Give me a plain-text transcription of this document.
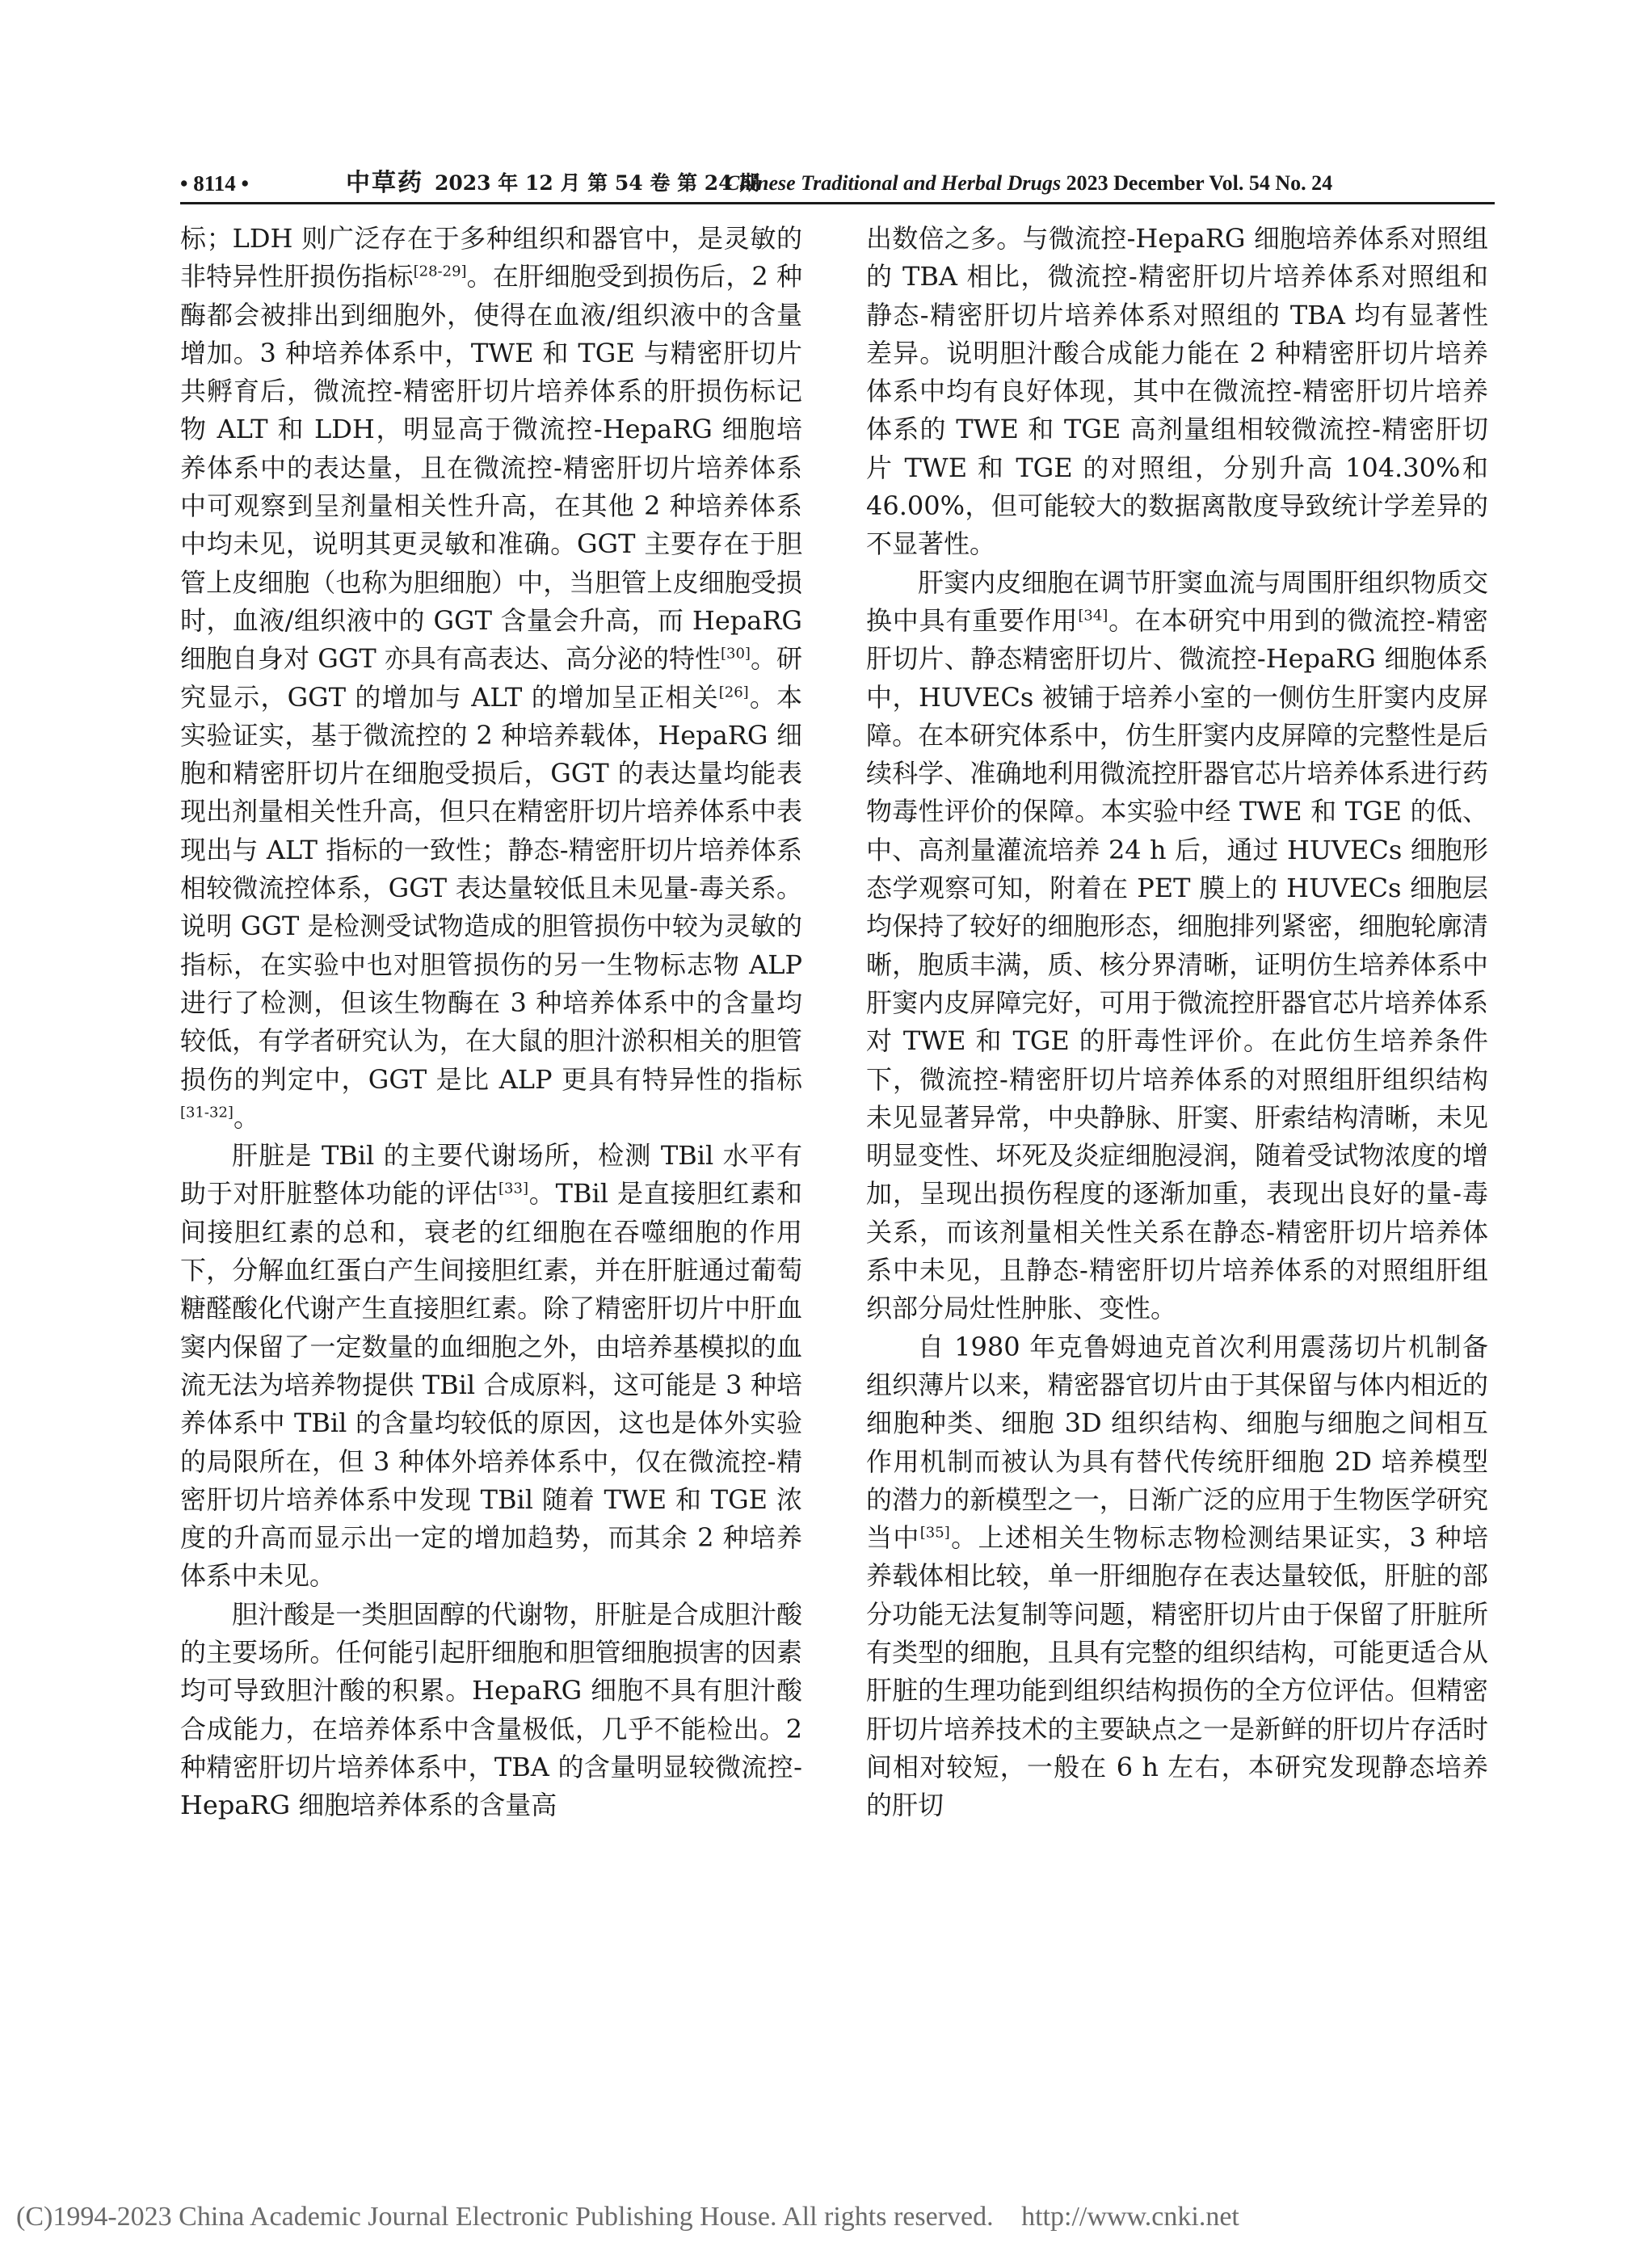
• 8114 •	中草药 2023 年 12 月 第 54 卷 第 24 期
Chinese Traditional and Herbal Drugs 2023 December Vol. 54 No. 24

标；LDH 则广泛存在于多种组织和器官中，是灵敏的非特异性肝损伤指标[28-29]。在肝细胞受到损伤后，2 种酶都会被排出到细胞外，使得在血液/组织液中的含量增加。3 种培养体系中，TWE 和 TGE 与精密肝切片共孵育后，微流控-精密肝切片培养体系的肝损伤标记物 ALT 和 LDH，明显高于微流控-HepaRG 细胞培养体系中的表达量，且在微流控-精密肝切片培养体系中可观察到呈剂量相关性升高，在其他 2 种培养体系中均未见，说明其更灵敏和准确。GGT 主要存在于胆管上皮细胞（也称为胆细胞）中，当胆管上皮细胞受损时，血液/组织液中的 GGT 含量会升高，而 HepaRG 细胞自身对 GGT 亦具有高表达、高分泌的特性[30]。研究显示，GGT 的增加与 ALT 的增加呈正相关[26]。本实验证实，基于微流控的 2 种培养载体，HepaRG 细胞和精密肝切片在细胞受损后，GGT 的表达量均能表现出剂量相关性升高，但只在精密肝切片培养体系中表现出与 ALT 指标的一致性；静态-精密肝切片培养体系相较微流控体系，GGT 表达量较低且未见量-毒关系。说明 GGT 是检测受试物造成的胆管损伤中较为灵敏的指标，在实验中也对胆管损伤的另一生物标志物 ALP 进行了检测，但该生物酶在 3 种培养体系中的含量均较低，有学者研究认为，在大鼠的胆汁淤积相关的胆管损伤的判定中，GGT 是比 ALP 更具有特异性的指标[31-32]。

肝脏是 TBil 的主要代谢场所，检测 TBil 水平有助于对肝脏整体功能的评估[33]。TBil 是直接胆红素和间接胆红素的总和，衰老的红细胞在吞噬细胞的作用下，分解血红蛋白产生间接胆红素，并在肝脏通过葡萄糖醛酸化代谢产生直接胆红素。除了精密肝切片中肝血窦内保留了一定数量的血细胞之外，由培养基模拟的血流无法为培养物提供 TBil 合成原料，这可能是 3 种培养体系中 TBil 的含量均较低的原因，这也是体外实验的局限所在，但 3 种体外培养体系中，仅在微流控-精密肝切片培养体系中发现 TBil 随着 TWE 和 TGE 浓度的升高而显示出一定的增加趋势，而其余 2 种培养体系中未见。

胆汁酸是一类胆固醇的代谢物，肝脏是合成胆汁酸的主要场所。任何能引起肝细胞和胆管细胞损害的因素均可导致胆汁酸的积累。HepaRG 细胞不具有胆汁酸合成能力，在培养体系中含量极低，几乎不能检出。2 种精密肝切片培养体系中，TBA 的含量明显较微流控-HepaRG 细胞培养体系的含量高

出数倍之多。与微流控-HepaRG 细胞培养体系对照组的 TBA 相比，微流控-精密肝切片培养体系对照组和静态-精密肝切片培养体系对照组的 TBA 均有显著性差异。说明胆汁酸合成能力能在 2 种精密肝切片培养体系中均有良好体现，其中在微流控-精密肝切片培养体系的 TWE 和 TGE 高剂量组相较微流控-精密肝切片 TWE 和 TGE 的对照组，分别升高 104.30%和 46.00%，但可能较大的数据离散度导致统计学差异的不显著性。

肝窦内皮细胞在调节肝窦血流与周围肝组织物质交换中具有重要作用[34]。在本研究中用到的微流控-精密肝切片、静态精密肝切片、微流控-HepaRG 细胞体系中，HUVECs 被铺于培养小室的一侧仿生肝窦内皮屏障。在本研究体系中，仿生肝窦内皮屏障的完整性是后续科学、准确地利用微流控肝器官芯片培养体系进行药物毒性评价的保障。本实验中经 TWE 和 TGE 的低、中、高剂量灌流培养 24 h 后，通过 HUVECs 细胞形态学观察可知，附着在 PET 膜上的 HUVECs 细胞层均保持了较好的细胞形态，细胞排列紧密，细胞轮廓清晰，胞质丰满，质、核分界清晰，证明仿生培养体系中肝窦内皮屏障完好，可用于微流控肝器官芯片培养体系对 TWE 和 TGE 的肝毒性评价。在此仿生培养条件下，微流控-精密肝切片培养体系的对照组肝组织结构未见显著异常，中央静脉、肝窦、肝索结构清晰，未见明显变性、坏死及炎症细胞浸润，随着受试物浓度的增加，呈现出损伤程度的逐渐加重，表现出良好的量-毒关系，而该剂量相关性关系在静态-精密肝切片培养体系中未见，且静态-精密肝切片培养体系的对照组肝组织部分局灶性肿胀、变性。

自 1980 年克鲁姆迪克首次利用震荡切片机制备组织薄片以来，精密器官切片由于其保留与体内相近的细胞种类、细胞 3D 组织结构、细胞与细胞之间相互作用机制而被认为具有替代传统肝细胞 2D 培养模型的潜力的新模型之一，日渐广泛的应用于生物医学研究当中[35]。上述相关生物标志物检测结果证实，3 种培养载体相比较，单一肝细胞存在表达量较低，肝脏的部分功能无法复制等问题，精密肝切片由于保留了肝脏所有类型的细胞，且具有完整的组织结构，可能更适合从肝脏的生理功能到组织结构损伤的全方位评估。但精密肝切片培养技术的主要缺点之一是新鲜的肝切片存活时间相对较短，一般在 6 h 左右，本研究发现静态培养的肝切

(C)1994-2023 China Academic Journal Electronic Publishing House. All rights reserved. http://www.cnki.net
